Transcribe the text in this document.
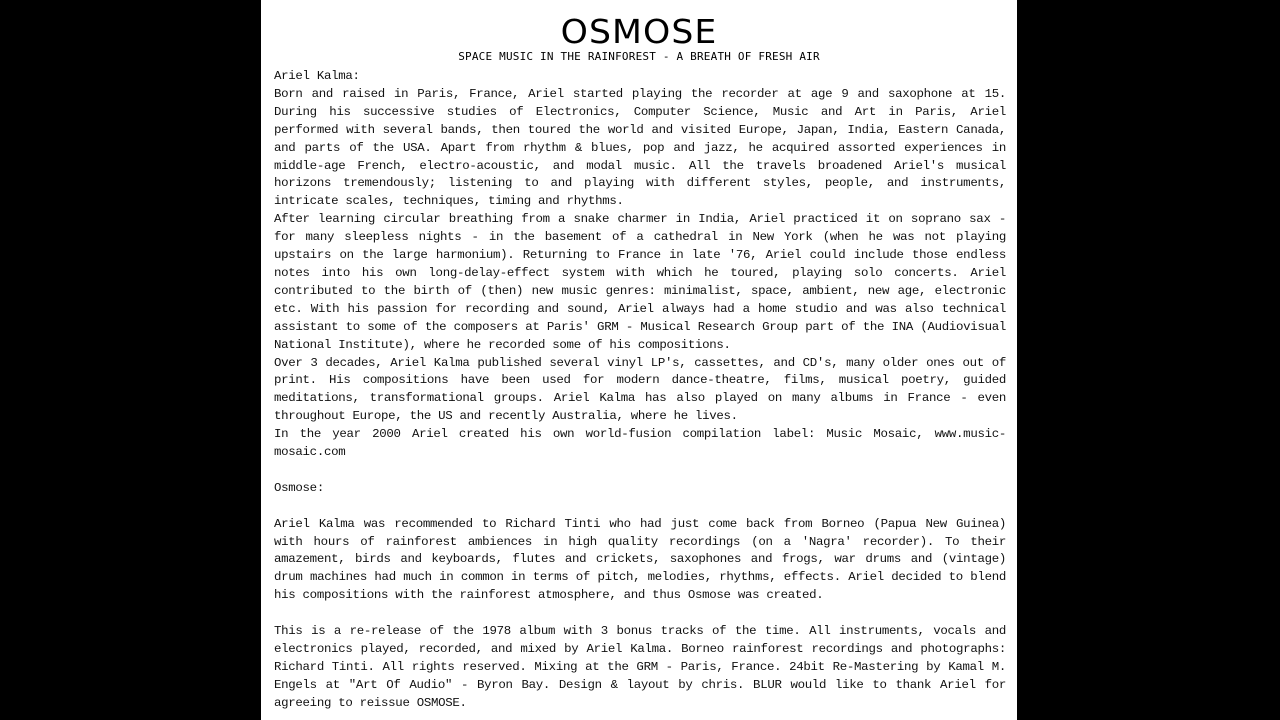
OSMOSE
SPACE MUSIC IN THE RAINFOREST - A BREATH OF FRESH AIR

Ariel Kalma:

Born and raised in Paris, France, Ariel started playing the recorder at age 9 and saxophone at 15. During his successive studies of Electronics, Computer Science, Music and Art in Paris, Ariel performed with several bands, then toured the world and visited Europe, Japan, India, Eastern Canada, and parts of the USA. Apart from rhythm & blues, pop and jazz, he acquired assorted experiences in middle-age French, electro-acoustic, and modal music. All the travels broadened Ariel's musical horizons tremendously; listening to and playing with different styles, people, and instruments, intricate scales, techniques, timing and rhythms.

After learning circular breathing from a snake charmer in India, Ariel practiced it on soprano sax - for many sleepless nights - in the basement of a cathedral in New York (when he was not playing upstairs on the large harmonium). Returning to France in late '76, Ariel could include those endless notes into his own long-delay-effect system with which he toured, playing solo concerts. Ariel contributed to the birth of (then) new music genres: minimalist, space, ambient, new age, electronic etc. With his passion for recording and sound, Ariel always had a home studio and was also technical assistant to some of the composers at Paris' GRM - Musical Research Group part of the INA (Audiovisual National Institute), where he recorded some of his compositions.

Over 3 decades, Ariel Kalma published several vinyl LP's, cassettes, and CD's, many older ones out of print. His compositions have been used for modern dance-theatre, films, musical poetry, guided meditations, transformational groups. Ariel Kalma has also played on many albums in France - even throughout Europe, the US and recently Australia, where he lives.

In the year 2000 Ariel created his own world-fusion compilation label: Music Mosaic, www.music-mosaic.com

Osmose:

Ariel Kalma was recommended to Richard Tinti who had just come back from Borneo (Papua New Guinea) with hours of rainforest ambiences in high quality recordings (on a 'Nagra' recorder). To their amazement, birds and keyboards, flutes and crickets, saxophones and frogs, war drums and (vintage) drum machines had much in common in terms of pitch, melodies, rhythms, effects. Ariel decided to blend his compositions with the rainforest atmosphere, and thus Osmose was created.

This is a re-release of the 1978 album with 3 bonus tracks of the time. All instruments, vocals and electronics played, recorded, and mixed by Ariel Kalma. Borneo rainforest recordings and photographs: Richard Tinti. All rights reserved. Mixing at the GRM - Paris, France. 24bit Re-Mastering by Kamal M. Engels at "Art Of Audio" - Byron Bay. Design & layout by chris. BLUR would like to thank Ariel for agreeing to reissue OSMOSE.
